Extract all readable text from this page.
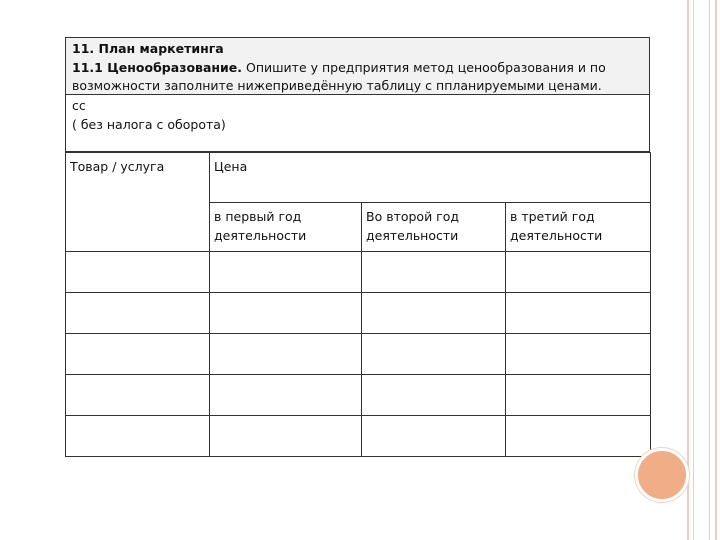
11. План маркетинга
11.1 Ценообразование. Опишите у предприятия метод ценообразования и по
возможности заполните нижеприведённую таблицу с ппланируемыми ценами.
cc
( без налога с оборота)
Товар / услуга	Цена		
	в первый год деятельности	Во второй год деятельности	в третий год деятельности
